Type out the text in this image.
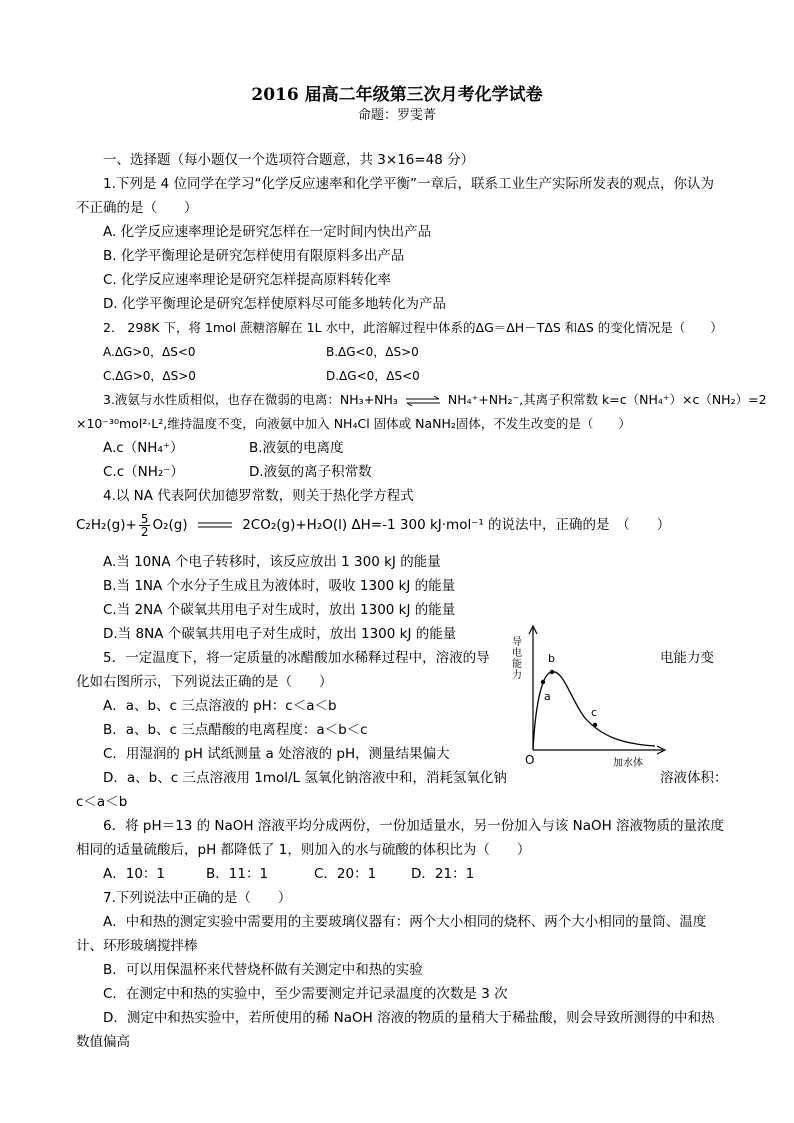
2016 届高二年级第三次月考化学试卷
命题：罗雯菁
一、选择题（每小题仅一个选项符合题意，共 3×16=48 分）
1.下列是 4 位同学在学习“化学反应速率和化学平衡”一章后，联系工业生产实际所发表的观点，你认为
不正确的是（　　）
A. 化学反应速率理论是研究怎样在一定时间内快出产品
B. 化学平衡理论是研究怎样使用有限原料多出产品
C. 化学反应速率理论是研究怎样提高原料转化率
D. 化学平衡理论是研究怎样使原料尽可能多地转化为产品
2． 298K 下，将 1mol 蔗糖溶解在 1L 水中，此溶解过程中体系的ΔG＝ΔH－TΔS 和ΔS 的变化情况是（　　）
A.ΔG>0，ΔS<0	B.ΔG<0，ΔS>0
C.ΔG>0，ΔS>0	D.ΔG<0，ΔS<0
3.液氨与水性质相似，也存在微弱的电离：NH₃+NH₃ ⇌ NH₄⁺+NH₂⁻,其离子积常数 k=c（NH₄⁺）×c（NH₂）=2
×10⁻³⁰mol²·L²,维持温度不变，向液氨中加入 NH₄Cl 固体或 NaNH₂固体，不发生改变的是（　　）
A.c（NH₄⁺）	B.液氨的电离度
C.c（NH₂⁻）	D.液氨的离子积常数
4.以 NA 代表阿伏加德罗常数，则关于热化学方程式
$C_2H_2(g)+ \frac{5}{2} O_2(g)$	2CO₂(g)+H₂O(l) ΔH=-1 300 kJ·mol⁻¹ 的说法中，正确的是　（　　）
A.当 10NA 个电子转移时，该反应放出 1 300 kJ 的能量
B.当 1NA 个水分子生成且为液体时，吸收 1300 kJ 的能量
C.当 2NA 个碳氧共用电子对生成时，放出 1300 kJ 的能量
D.当 8NA 个碳氧共用电子对生成时，放出 1300 kJ 的能量
5．一定温度下，将一定质量的冰醋酸加水稀释过程中，溶液的导	电能力变
化如右图所示，下列说法正确的是（　　）
A．a、b、c 三点溶液的 pH：c＜a＜b
B．a、b、c 三点醋酸的电离程度：a＜b＜c
C．用湿润的 pH 试纸测量 a 处溶液的 pH，测量结果偏大
D．a、b、c 三点溶液用 1mol/L 氢氧化钠溶液中和，消耗氢氧化钠	溶液体积：
c＜a＜b
导电能力
加水体
O
a
b
c
6．将 pH＝13 的 NaOH 溶液平均分成两份，一份加适量水，另一份加入与该 NaOH 溶液物质的量浓度
相同的适量硫酸后，pH 都降低了 1，则加入的水与硫酸的体积比为（　　）
A．10：1	B．11：1	C．20：1	D．21：1
7.下列说法中正确的是（　　）
A．中和热的测定实验中需要用的主要玻璃仪器有：两个大小相同的烧杯、两个大小相同的量筒、温度
计、环形玻璃搅拌棒
B．可以用保温杯来代替烧杯做有关测定中和热的实验
C．在测定中和热的实验中，至少需要测定并记录温度的次数是 3 次
D．测定中和热实验中，若所使用的稀 NaOH 溶液的物质的量稍大于稀盐酸，则会导致所测得的中和热
数值偏高
